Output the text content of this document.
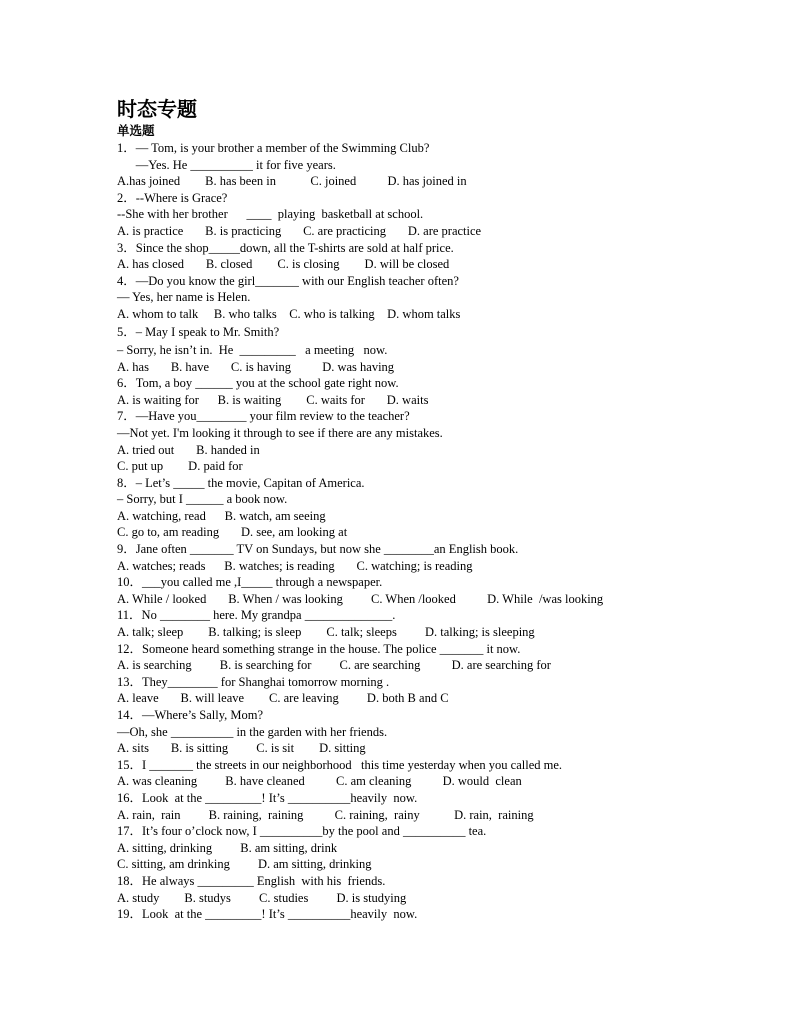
时态专题
单选题
1．— Tom, is your brother a member of the Swimming Club?
—Yes. He __________ it for five years.
A.has joined        B. has been in           C. joined          D. has joined in
2．--Where is Grace?
--She with her brother      ____  playing  basketball at school.
A. is practice       B. is practicing       C. are practicing       D. are practice
3．Since the shop_____down, all the T-shirts are sold at half price.
A. has closed       B. closed        C. is closing        D. will be closed
4．—Do you know the girl_______ with our English teacher often?
— Yes, her name is Helen.
A. whom to talk     B. who talks    C. who is talking    D. whom talks
5．– May I speak to Mr. Smith?
– Sorry, he isn’t in.  He  _________   a meeting   now.
A. has       B. have       C. is having          D. was having
6．Tom, a boy ______ you at the school gate right now.
A. is waiting for      B. is waiting        C. waits for       D. waits
7．—Have you________ your film review to the teacher?
—Not yet. I'm looking it through to see if there are any mistakes.
A. tried out       B. handed in
C. put up        D. paid for
8．– Let’s _____ the movie, Capitan of America.
– Sorry, but I ______ a book now.
A. watching, read      B. watch, am seeing
C. go to, am reading       D. see, am looking at
9．Jane often _______ TV on Sundays, but now she ________an English book.
A. watches; reads      B. watches; is reading       C. watching; is reading
10．___you called me ,I_____ through a newspaper.
A. While / looked       B. When / was looking         C. When /looked          D. While  /was looking
11．No ________ here. My grandpa ______________.
A. talk; sleep        B. talking; is sleep        C. talk; sleeps         D. talking; is sleeping
12．Someone heard something strange in the house. The police _______ it now.
A. is searching         B. is searching for         C. are searching          D. are searching for
13．They________ for Shanghai tomorrow morning .
A. leave       B. will leave        C. are leaving         D. both B and C
14．—Where’s Sally, Mom?
—Oh, she __________ in the garden with her friends.
A. sits       B. is sitting         C. is sit        D. sitting
15．I _______ the streets in our neighborhood   this time yesterday when you called me.
A. was cleaning         B. have cleaned          C. am cleaning          D. would  clean
16．Look  at the _________! It’s __________heavily  now.
A. rain,  rain         B. raining,  raining          C. raining,  rainy           D. rain,  raining
17．It’s four o’clock now, I __________by the pool and __________ tea.
A. sitting, drinking         B. am sitting, drink
C. sitting, am drinking         D. am sitting, drinking
18．He always _________ English  with his  friends.
A. study        B. studys         C. studies         D. is studying
19．Look  at the _________! It’s __________heavily  now.
